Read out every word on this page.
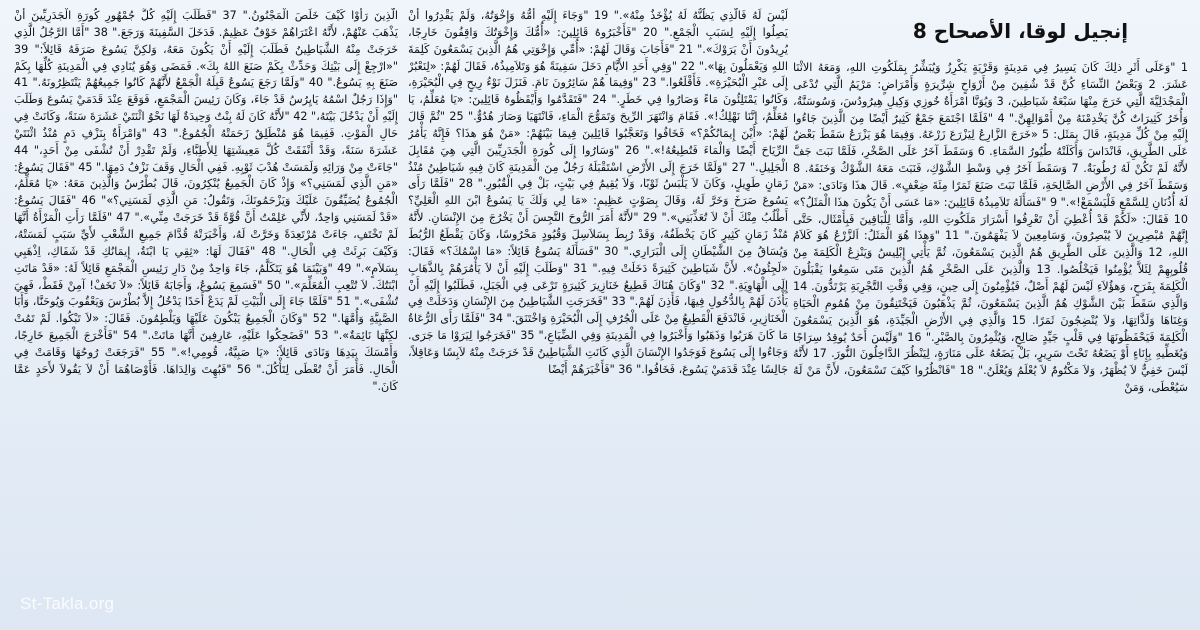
إنجيل لوقا، الأصحاح 8
1 "وَعَلَى أَثَرِ ذلِكَ كَانَ يَسِيرُ فِي مَدِينَةٍ وَقَرْيَةٍ يَكْرِزُ وَيُبَشِّرُ بِمَلَكُوتِ اللهِ، وَمَعَهُ الاثْنَا عَشَرَ. 2 وَبَعْضُ النِّسَاءِ كُنَّ قَدْ شُفِينَ مِنْ أَرْوَاحٍ شِرِّيرَةٍ وَأَمْرَاضٍ: مَرْيَمُ الَّتِي تُدْعَى الْمَجْدَلِيَّةَ الَّتِي خَرَجَ مِنْهَا سَبْعَةُ شَيَاطِينَ، 3 وَيُوَنَّا امْرَأَةُ خُوزِي وَكِيلِ هِيرُودُسَ، وَسُوسَنَّةُ، وَأُخَرُ كَثِيرَاتٌ كُنَّ يَخْدِمْنَهُ مِنْ أَمْوَالِهِنَّ." 4 "فَلَمَّا اجْتَمَعَ جَمْعٌ كَثِيرٌ أَيْضًا مِنَ الَّذِينَ جَاءُوا إِلَيْهِ مِنْ كُلِّ مَدِينَةٍ، قَالَ بِمَثَل: 5 «خَرَجَ الزَّارِعُ لِيَزْرَعَ زَرْعَهُ. وَفِيمَا هُوَ يَزْرَعُ سَقَطَ بَعْضٌ عَلَى الطَّرِيقِ، فَانْدَاسَ وَأَكَلَتْهُ طُيُورُ السَّمَاءِ. 6 وَسَقَطَ آخَرُ عَلَى الصَّخْرِ، فَلَمَّا نَبَتَ جَفَّ لأَنَّهُ لَمْ تَكُنْ لَهُ رُطُوبَةٌ. 7 وَسَقَطَ آخَرُ فِي وَسْطِ الشَّوْكِ، فَنَبَتَ مَعَهُ الشَّوْكُ وَخَنَقَهُ. 8 وَسَقَطَ آخَرُ فِي الأَرْضِ الصَّالِحَةِ، فَلَمَّا نَبَتَ صَنَعَ ثَمَرًا مِئَةَ ضِعْفٍ». قَالَ هذَا وَنَادَى: «مَنْ لَهُ أُذُنَانِ لِلسَّمْعِ فَلْيَسْمَعْ!»." 9 "فَسَأَلَهُ تَلاَمِيذُهُ قَائِلِينَ: «مَا عَسَى أَنْ يَكُونَ هذَا الْمَثَلُ؟» 10 فَقَالَ: «لَكُمْ قَدْ أُعْطِيَ أَنْ تَعْرِفُوا أَسْرَارَ مَلَكُوتِ اللهِ، وَأَمَّا لِلْبَاقِينَ فَبِأَمْثَال، حَتَّى إِنَّهُمْ مُبْصِرِينَ لاَ يُبْصِرُونَ، وَسَامِعِينَ لاَ يَفْهَمُونَ." 11 "وَهذَا هُوَ الْمَثَلُ: اَلزَّرْعُ هُوَ كَلاَمُ اللهِ، 12 وَالَّذِينَ عَلَى الطَّرِيقِ هُمُ الَّذِينَ يَسْمَعُونَ، ثُمَّ يَأْتِي إِبْلِيسُ وَيَنْزِعُ الْكَلِمَةَ مِنْ قُلُوبِهِمْ لِئَلاَّ يُؤْمِنُوا فَيَخْلُصُوا. 13 وَالَّذِينَ عَلَى الصَّخْرِ هُمُ الَّذِينَ مَتَى سَمِعُوا يَقْبَلُونَ الْكَلِمَةَ بِفَرَحٍ، وَهؤُلاَءِ لَيْسَ لَهُمْ أَصْلٌ، فَيُؤْمِنُونَ إِلَى حِينٍ، وَفِي وَقْتِ التَّجْرِبَةِ يَرْتَدُّونَ. 14 وَالَّذِي سَقَطَ بَيْنَ الشَّوْكِ هُمُ الَّذِينَ يَسْمَعُونَ، ثُمَّ يَذْهَبُونَ فَيَخْتَنِقُونَ مِنْ هُمُومِ الْحَيَاةِ وَغِنَاهَا وَلَذَّاتِهَا، وَلاَ يُنْضِجُونَ ثَمَرًا. 15 وَالَّذِي فِي الأَرْضِ الْجَيِّدَةِ، هُوَ الَّذِينَ يَسْمَعُونَ الْكَلِمَةَ فَيَحْفَظُونَهَا فِي قَلْبٍ جَيِّدٍ صَالِحٍ، وَيُثْمِرُونَ بِالصَّبْرِ." 16 "وَلَيْسَ أَحَدٌ يُوقِدُ سِرَاجًا وَيُغَطِّيهِ بِإِنَاءٍ أَوْ يَضَعُهُ تَحْتَ سَرِيرٍ، بَلْ يَضَعُهُ عَلَى مَنَارَةٍ، لِيَنْظُرَ الدَّاخِلُونَ النُّورَ. 17 لأَنَّهُ لَيْسَ خَفِيٌّ لاَ يُظْهَرُ، وَلاَ مَكْتُومٌ لاَ يُعْلَمُ وَيُعْلَنُ." 18 "فَانْظُرُوا كَيْفَ تَسْمَعُونَ، لأَنَّ مَنْ لَهُ سَيُعْطَى، وَمَنْ
لَيْسَ لَهُ فَالَّذِي يَظُنُّهُ لَهُ يُؤْخَذُ مِنْهُ»." 19 "وَجَاءَ إِلَيْهِ أُمُّهُ وَإِخْوَتُهُ، وَلَمْ يَقْدِرُوا أَنْ يَصِلُوا إِلَيْهِ لِسَبَبِ الْجَمْعِ." 20 "فَأَخْبَرُوهُ قَائِلِينَ: «أُمُّكَ وَإِخْوَتُكَ وَاقِفُونَ خَارِجًا، يُرِيدُونَ أَنْ يَرَوْكَ»." 21 "فَأَجَابَ وَقَالَ لَهُمْ: «أُمِّي وَإِخْوَتِي هُمُ الَّذِينَ يَسْمَعُونَ كَلِمَةَ اللهِ وَيَعْمَلُونَ بِهَا»." 22 "وَفِي أَحَدِ الأَيَّامِ دَخَلَ سَفِينَةً هُوَ وَتَلاَمِيذُهُ، فَقَالَ لَهُمْ: «لِنَعْبُرْ إِلَى عَبْرِ الْبُحَيْرَةِ». فَأَقْلَعُوا." 23 "وَفِيمَا هُمْ سَائِرُونَ نَامَ. فَنَزَلَ نَوْءُ رِيحٍ فِي الْبُحَيْرَةِ، وَكَانُوا يَمْتَلِئُونَ مَاءً وَصَارُوا فِي خَطَرٍ." 24 "فَتَقَدَّمُوا وَأَيْقَظُوهُ قَائِلِينَ: «يَا مُعَلِّمُ، يَا مُعَلِّمُ، إِنَّنَا نَهْلِكُ!». فَقَامَ وَانْتَهَرَ الرِّيحَ وَتَمَوُّجَ الْمَاءِ، فَانْتَهَيَا وَصَارَ هُدُوٌّ." 25 "ثُمَّ قَالَ لَهُمْ: «أَيْنَ إِيمَانُكُمْ؟» فَخَافُوا وَتَعَجَّبُوا قَائِلِينَ فِيمَا بَيْنَهُمْ: «مَنْ هُوَ هذَا؟ فَإِنَّهُ يَأْمُرُ الرِّيَاحَ أَيْضًا وَالْمَاءَ فَتُطِيعُهُ!»." 26 "وَسَارُوا إِلَى كُورَةِ الْجَدَرِيِّينَ الَّتِي هِيَ مُقَابِلَ الْجَلِيلِ." 27 "وَلَمَّا خَرَجَ إِلَى الأَرْضِ اسْتَقْبَلَهُ رَجُلٌ مِنَ الْمَدِينَةِ كَانَ فِيهِ شَيَاطِينُ مُنْذُ زَمَانٍ طَوِيلٍ، وَكَانَ لاَ يَلْبَسُ ثَوْبًا، وَلاَ يُقِيمُ فِي بَيْتٍ، بَلْ فِي الْقُبُورِ." 28 "فَلَمَّا رَأَى يَسُوعَ صَرَخَ وَخَرَّ لَهُ، وَقَالَ بِصَوْتٍ عَظِيمٍ: «مَا لِي وَلَكَ يَا يَسُوعُ ابْنَ اللهِ الْعَلِيِّ؟ أَطْلُبُ مِنْكَ أَنْ لاَ تُعَذِّبَنِي»." 29 "لأَنَّهُ أَمَرَ الرُّوحَ النَّجِسَ أَنْ يَخْرُجَ مِنَ الإِنْسَانِ. لأَنَّهُ مُنْذُ زَمَانٍ كَثِيرٍ كَانَ يَخْطَفُهُ، وَقَدْ رُبِطَ بِسَلاَسِلَ وَقُيُودٍ مَحْرُوسًا، وَكَانَ يَقْطَعُ الرُّبُطَ وَيُسَاقُ مِنَ الشَّيْطَانِ إِلَى الْبَرَارِي." 30 "فَسَأَلَهُ يَسُوعُ قَائِلاً: «مَا اسْمُكَ؟» فَقَالَ: «لَجِئُونُ». لأَنَّ شَيَاطِينَ كَثِيرَةً دَخَلَتْ فِيهِ." 31 "وَطَلَبَ إِلَيْهِ أَنْ لاَ يَأْمُرَهُمْ بِالذَّهَابِ إِلَى الْهَاوِيَةِ." 32 "وَكَانَ هُنَاكَ قَطِيعُ خَنَازِيرَ كَثِيرَةٍ تَرْعَى فِي الْجَبَلِ، فَطَلَبُوا إِلَيْهِ أَنْ يَأْذَنَ لَهُمْ بِالدُّخُولِ فِيهَا، فَأَذِنَ لَهُمْ." 33 "فَخَرَجَتِ الشَّيَاطِينُ مِنَ الإِنْسَانِ وَدَخَلَتْ فِي الْخَنَازِيرِ، فَانْدَفَعَ الْقَطِيعُ مِنْ عَلَى الْجُرُفِ إِلَى الْبُحَيْرَةِ وَاخْتَنَقَ." 34 "فَلَمَّا رَأَى الرُّعَاةُ مَا كَانَ هَرَبُوا وَذَهَبُوا وَأَخْبَرُوا فِي الْمَدِينَةِ وَفِي الضِّيَاعِ،" 35 "فَخَرَجُوا لِيَرَوْا مَا جَرَى. وَجَاءُوا إِلَى يَسُوعَ فَوَجَدُوا الإِنْسَانَ الَّذِي كَانَتِ الشَّيَاطِينُ قَدْ خَرَجَتْ مِنْهُ لاَبِسًا وَعَاقِلاً، جَالِسًا عِنْدَ قَدَمَيْ يَسُوعَ، فَخَافُوا." 36 "فَأَخْبَرَهُمْ أَيْضًا
الَّذِينَ رَأَوْا كَيْفَ خَلَصَ الْمَجْنُونُ." 37 "فَطَلَبَ إِلَيْهِ كُلُّ جُمْهُورِ كُورَةِ الْجَدَرِيِّينَ أَنْ يَذْهَبَ عَنْهُمْ، لأَنَّهُ اعْتَرَاهُمْ خَوْفٌ عَظِيمٌ. فَدَخَلَ السَّفِينَةَ وَرَجَعَ." 38 "أَمَّا الرَّجُلُ الَّذِي خَرَجَتْ مِنْهُ الشَّيَاطِينُ فَطَلَبَ إِلَيْهِ أَنْ يَكُونَ مَعَهُ، وَلكِنَّ يَسُوعَ صَرَفَهُ قَائِلاً:" 39 "«ارْجِعْ إِلَى بَيْتِكَ وَحَدِّثْ بِكَمْ صَنَعَ اللهُ بِكَ». فَمَضَى وَهُوَ يُنَادِي فِي الْمَدِينَةِ كُلِّهَا بِكَمْ صَنَعَ بِهِ يَسُوعُ." 40 "وَلَمَّا رَجَعَ يَسُوعُ قَبِلَهُ الْجَمْعُ لأَنَّهُمْ كَانُوا جَمِيعُهُمْ يَنْتَظِرُونَهُ." 41 "وَإِذَا رَجُلٌ اسْمُهُ يَايِرُسُ قَدْ جَاءَ، وَكَانَ رَئِيسَ الْمَجْمَعِ، فَوَقَعَ عِنْدَ قَدَمَيْ يَسُوعَ وَطَلَبَ إِلَيْهِ أَنْ يَدْخُلَ بَيْتَهُ،" 42 "لأَنَّهُ كَانَ لَهُ بِنْتٌ وَحِيدَةٌ لَهَا نَحْوُ اثْنَتَيْ عَشَرَةَ سَنَةً، وَكَانَتْ فِي حَالِ الْمَوْتِ. فَفِيمَا هُوَ مُنْطَلِقٌ زَحَمَتْهُ الْجُمُوعُ." 43 "وَامْرَأَةٌ بِنَزْفِ دَمٍ مُنْذُ اثْنَتَيْ عَشَرَةَ سَنَةً، وَقَدْ أَنْفَقَتْ كُلَّ مَعِيشَتِهَا لِلأَطِبَّاءِ، وَلَمْ تَقْدِرْ أَنْ تُشْفَى مِنْ أَحَدٍ،" 44 "جَاءَتْ مِنْ وَرَائِهِ وَلَمَسَتْ هُدْبَ ثَوْبِهِ. فَفِي الْحَالِ وَقَفَ نَزْفُ دَمِهَا." 45 "فَقَالَ يَسُوعُ: «مَنِ الَّذِي لَمَسَنِي؟» وَإِذْ كَانَ الْجَمِيعُ يُنْكِرُونَ، قَالَ بُطْرُسُ وَالَّذِينَ مَعَهُ: «يَا مُعَلِّمُ، الْجُمُوعُ يُضَيِّقُونَ عَلَيْكَ وَيَزْحَمُونَكَ، وَتَقُولُ: مَنِ الَّذِي لَمَسَنِي؟»" 46 "فَقَالَ يَسُوعُ: «قَدْ لَمَسَنِي وَاحِدٌ، لأَنِّي عَلِمْتُ أَنَّ قُوَّةً قَدْ خَرَجَتْ مِنِّي»." 47 "فَلَمَّا رَأَتِ الْمَرْأَةُ أَنَّهَا لَمْ تَخْتَفِ، جَاءَتْ مُرْتَعِدَةً وَخَرَّتْ لَهُ، وَأَخْبَرَتْهُ قُدَّامَ جَمِيعِ الشَّعْبِ لأَيِّ سَبَبٍ لَمَسَتْهُ، وَكَيْفَ بَرِئَتْ فِي الْحَالِ." 48 "فَقَالَ لَهَا: «ثِقِي يَا ابْنَةُ، إِيمَانُكِ قَدْ شَفَاكِ، اِذْهَبِي بِسَلاَمٍ»." 49 "وَبَيْنَمَا هُوَ يَتَكَلَّمُ، جَاءَ وَاحِدٌ مِنْ دَارِ رَئِيسِ الْمَجْمَعِ قَائِلاً لَهُ: «قَدْ مَاتَتِ ابْنَتُكَ. لاَ تُتْعِبِ الْمُعَلِّمَ»." 50 "فَسَمِعَ يَسُوعُ، وَأَجَابَهُ قَائِلاً: «لاَ تَخَفْ! آمِنْ فَقَطْ، فَهِيَ تُشْفَى»." 51 "فَلَمَّا جَاءَ إِلَى الْبَيْتِ لَمْ يَدَعْ أَحَدًا يَدْخُلُ إِلاَّ بُطْرُسَ وَيَعْقُوبَ وَيُوحَنَّا، وَأَبَا الصَّبِيَّةِ وَأُمَّهَا." 52 "وَكَانَ الْجَمِيعُ يَبْكُونَ عَلَيْهَا وَيَلْطِمُونَ. فَقَالَ: «لاَ تَبْكُوا. لَمْ تَمُتْ لكِنَّهَا نَائِمَةٌ»." 53 "فَضَحِكُوا عَلَيْهِ، عَارِفِينَ أَنَّهَا مَاتَتْ." 54 "فَأَخْرَجَ الْجَمِيعَ خَارِجًا، وَأَمْسَكَ بِيَدِهَا وَنَادَى قَائِلاً: «يَا صَبِيَّةُ، قُومِي!»." 55 "فَرَجَعَتْ رُوحُهَا وَقَامَتْ فِي الْحَالِ. فَأَمَرَ أَنْ تُعْطَى لِتَأْكُلَ." 56 "فَبُهِتَ وَالِدَاهَا. فَأَوْصَاهُمَا أَنْ لاَ يَقُولاَ لأَحَدٍ عَمَّا كَانَ."
St-Takla.org
